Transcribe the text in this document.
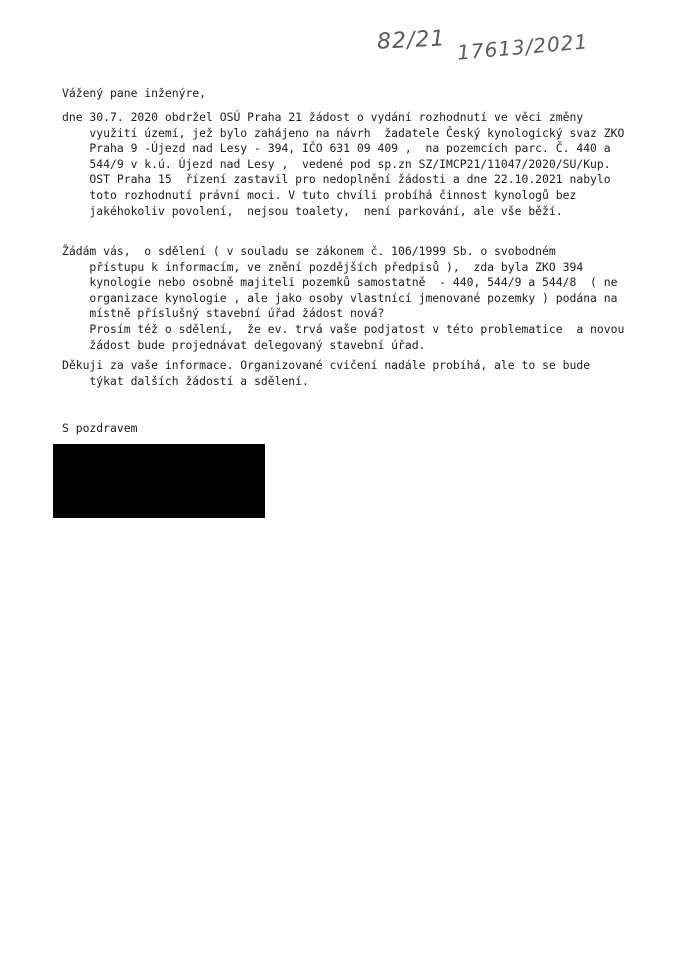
82/21 17613/2021
Vážený pane inženýre,
dne 30.7. 2020 obdržel OSÚ Praha 21 žádost o vydání rozhodnutí ve věci změny
využití území, jež bylo zahájeno na návrh  žadatele Český kynologický svaz ZKO
Praha 9 -Újezd nad Lesy - 394, IČO 631 09 409 ,  na pozemcích parc. Č. 440 a
544/9 v k.ú. Újezd nad Lesy ,  vedené pod sp.zn SZ/IMCP21/11047/2020/SU/Kup.
OST Praha 15  řízení zastavil pro nedoplnění žádosti a dne 22.10.2021 nabylo
toto rozhodnutí právní moci. V tuto chvíli probíhá činnost kynologů bez
jakéhokoliv povolení,  nejsou toalety,  není parkování, ale vše běží.
Žádám vás,  o sdělení ( v souladu se zákonem č. 106/1999 Sb. o svobodném
přístupu k informacím, ve znění pozdějších předpisů ),  zda byla ZKO 394
kynologie nebo osobně majiteli pozemků samostatně  - 440, 544/9 a 544/8  ( ne
organizace kynologie , ale jako osoby vlastnící jmenované pozemky ) podána na
místně příslušný stavební úřad žádost nová?
Prosím též o sdělení,  že ev. trvá vaše podjatost v této problematice  a novou
žádost bude projednávat delegovaný stavební úřad.
Děkuji za vaše informace. Organizované cvičení nadále probíhá, ale to se bude
týkat dalších žádostí a sdělení.
S pozdravem
